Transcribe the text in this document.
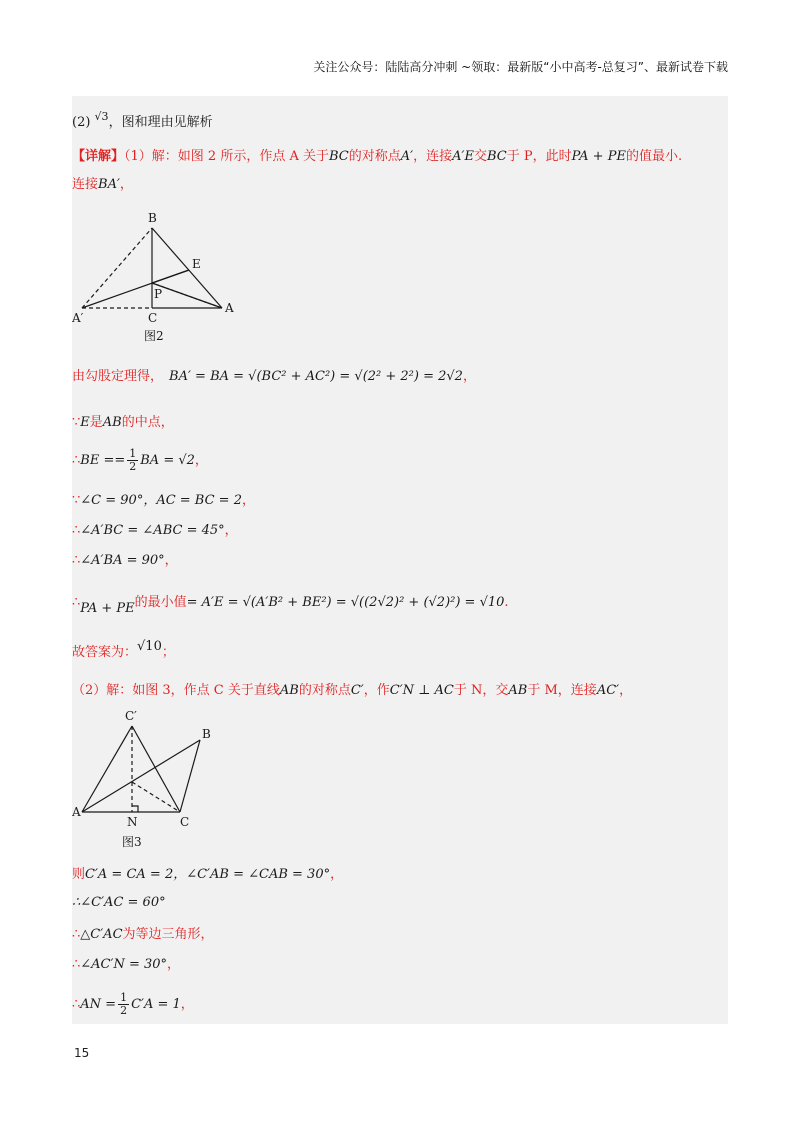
关注公众号：陆陆高分冲刺 ~领取：最新版“小中高考-总复习”、最新试卷下载
(2) $^{√3}$，图和理由见解析
【详解】（1）解：如图 2 所示，作点 A 关于BC的对称点A′，连接A′E交BC于 P，此时PA + PE的值最小.
连接BA′，
B
E
P
A′	C
A
图2
由勾股定理得， BA′ = BA = √(BC² + AC²) = √(2² + 2²) = 2√2，
∵E是AB的中点，
∴BE == $\frac{1}{2}$ BA = √2，
∵∠C = 90°，AC = BC = 2，
∴∠A′BC = ∠ABC = 45°，
∴∠A′BA = 90°，
∴PA + PE的最小值= A′E = √(A′B² + BE²) = √((2√2)² + (√2)²) = √10.
故答案为：√10；
（2）解：如图 3，作点 C 关于直线AB的对称点C′，作C′N ⊥ AC于 N，交AB于 M，连接AC′，
C′
B
A
N	C
图3
则C′A = CA = 2，∠C′AB = ∠CAB = 30°，
∴∠C′AC = 60°
∴△C′AC为等边三角形，
∴∠AC′N = 30°，
∴AN = $\frac{1}{2} C'A = 1$，
15
